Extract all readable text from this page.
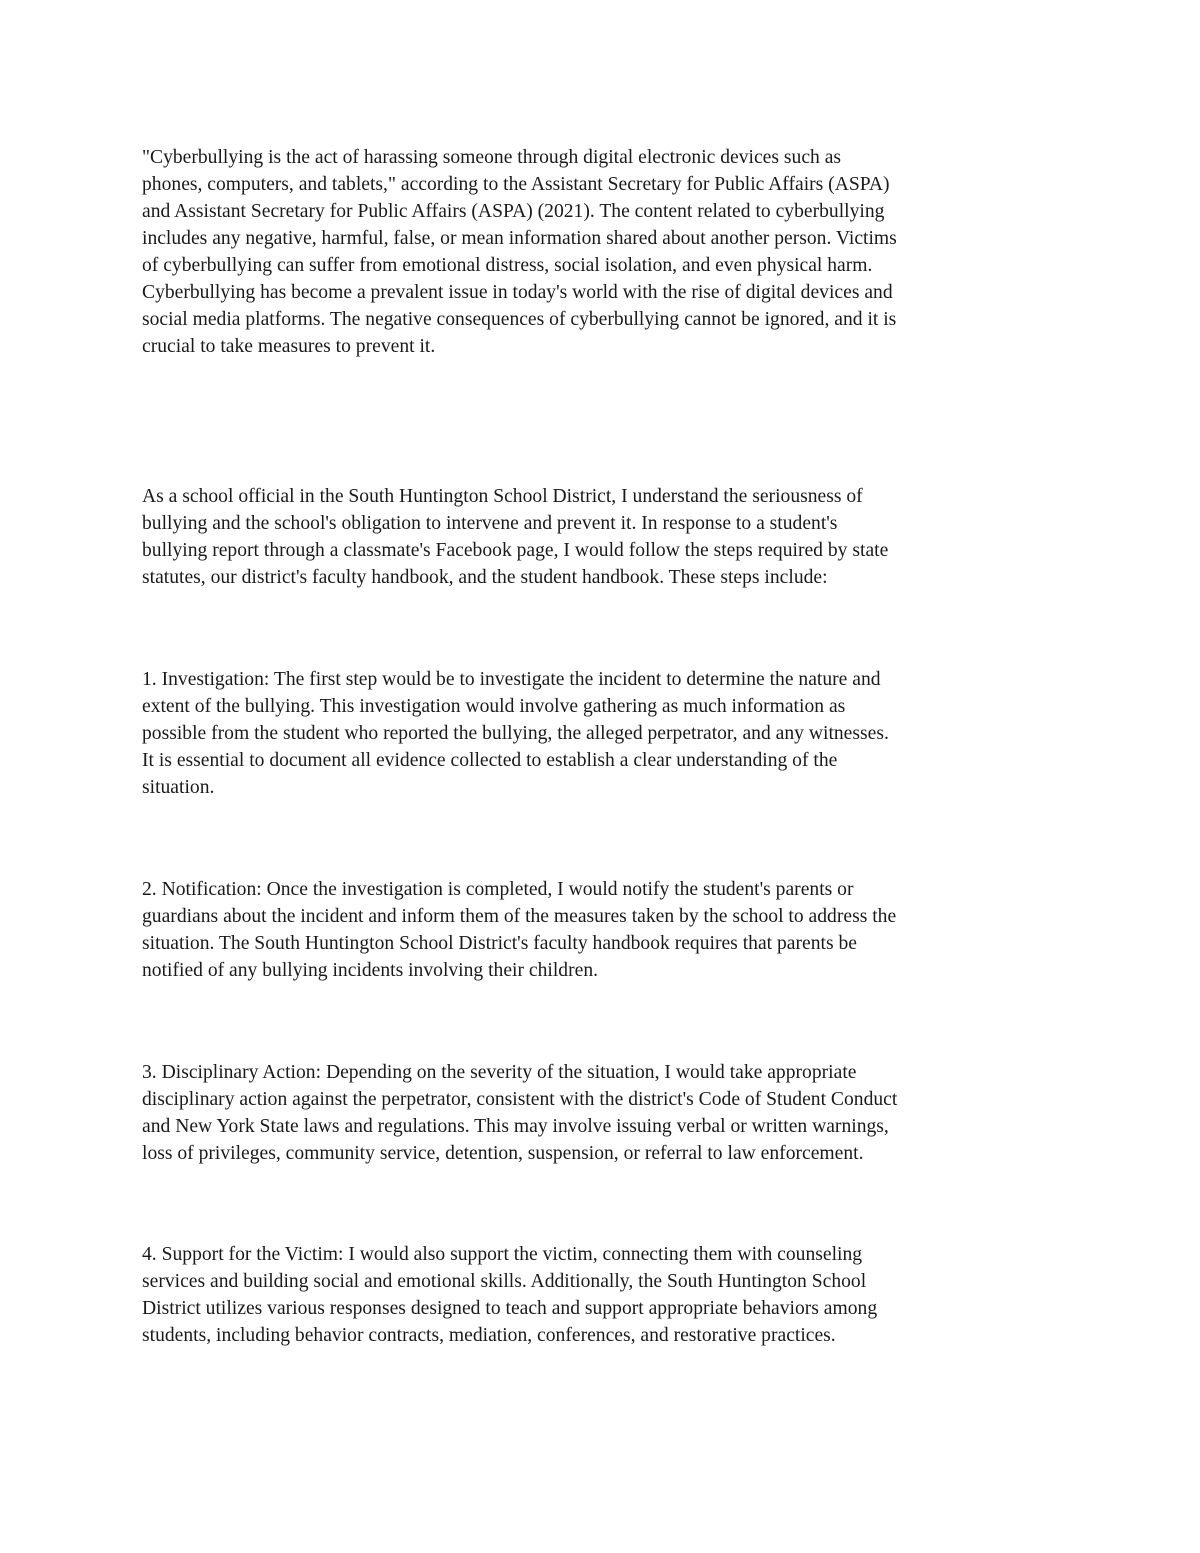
"Cyberbullying is the act of harassing someone through digital electronic devices such as
phones, computers, and tablets," according to the Assistant Secretary for Public Affairs (ASPA)
and Assistant Secretary for Public Affairs (ASPA) (2021). The content related to cyberbullying
includes any negative, harmful, false, or mean information shared about another person. Victims
of cyberbullying can suffer from emotional distress, social isolation, and even physical harm.
Cyberbullying has become a prevalent issue in today's world with the rise of digital devices and
social media platforms. The negative consequences of cyberbullying cannot be ignored, and it is
crucial to take measures to prevent it.

As a school official in the South Huntington School District, I understand the seriousness of
bullying and the school's obligation to intervene and prevent it. In response to a student's
bullying report through a classmate's Facebook page, I would follow the steps required by state
statutes, our district's faculty handbook, and the student handbook. These steps include:

1. Investigation: The first step would be to investigate the incident to determine the nature and
extent of the bullying. This investigation would involve gathering as much information as
possible from the student who reported the bullying, the alleged perpetrator, and any witnesses.
It is essential to document all evidence collected to establish a clear understanding of the
situation.

2. Notification: Once the investigation is completed, I would notify the student's parents or
guardians about the incident and inform them of the measures taken by the school to address the
situation. The South Huntington School District's faculty handbook requires that parents be
notified of any bullying incidents involving their children.

3. Disciplinary Action: Depending on the severity of the situation, I would take appropriate
disciplinary action against the perpetrator, consistent with the district's Code of Student Conduct
and New York State laws and regulations. This may involve issuing verbal or written warnings,
loss of privileges, community service, detention, suspension, or referral to law enforcement.

4. Support for the Victim: I would also support the victim, connecting them with counseling
services and building social and emotional skills. Additionally, the South Huntington School
District utilizes various responses designed to teach and support appropriate behaviors among
students, including behavior contracts, mediation, conferences, and restorative practices.
